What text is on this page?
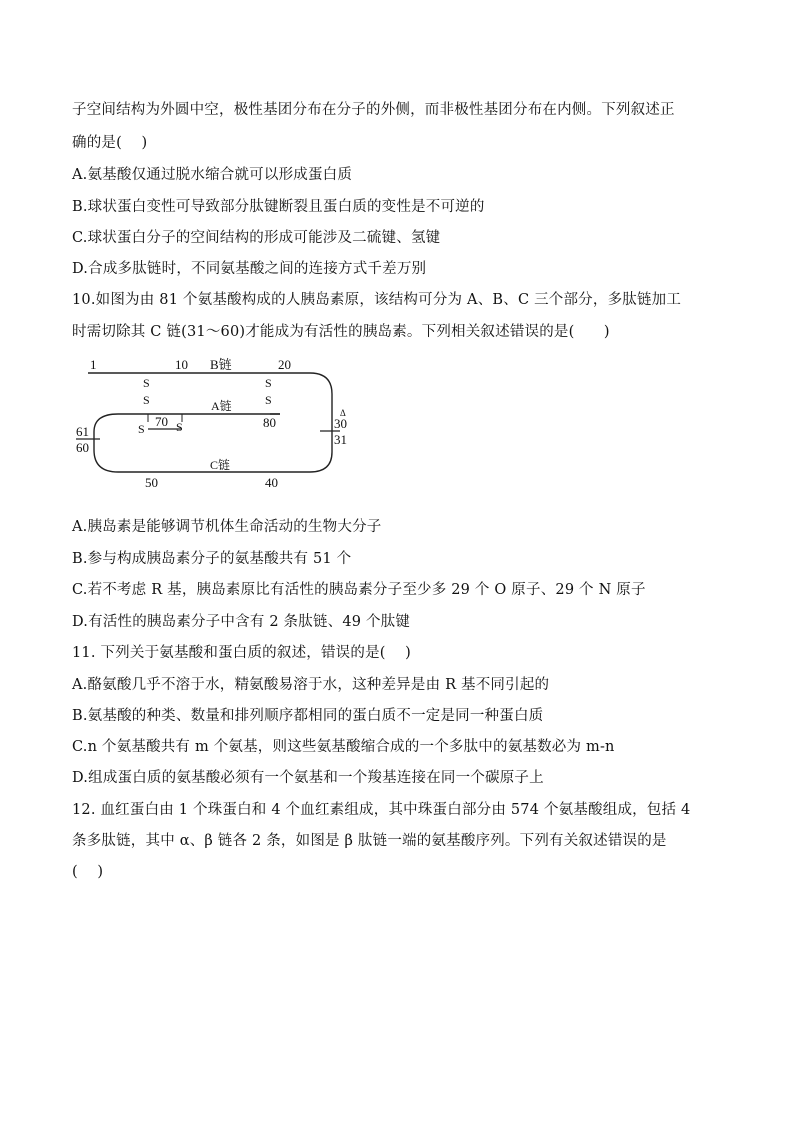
子空间结构为外圆中空，极性基团分布在分子的外侧，而非极性基团分布在内侧。下列叙述正
确的是(　 )
A.氨基酸仅通过脱水缩合就可以形成蛋白质
B.球状蛋白变性可导致部分肽键断裂且蛋白质的变性是不可逆的
C.球状蛋白分子的空间结构的形成可能涉及二硫键、氢键
D.合成多肽链时，不同氨基酸之间的连接方式千差万别
10.如图为由 81 个氨基酸构成的人胰岛素原，该结构可分为 A、B、C 三个部分，多肽链加工
时需切除其 C 链(31～60)才能成为有活性的胰岛素。下列相关叙述错误的是(　　)
1	10 B链	20
S
S
S
S
A链
70
S	S	80
Δ
30
31
61
60
C链
50	40
A.胰岛素是能够调节机体生命活动的生物大分子
B.参与构成胰岛素分子的氨基酸共有 51 个
C.若不考虑 R 基，胰岛素原比有活性的胰岛素分子至少多 29 个 O 原子、29 个 N 原子
D.有活性的胰岛素分子中含有 2 条肽链、49 个肽键
11. 下列关于氨基酸和蛋白质的叙述，错误的是(　 )
A.酪氨酸几乎不溶于水，精氨酸易溶于水，这种差异是由 R 基不同引起的
B.氨基酸的种类、数量和排列顺序都相同的蛋白质不一定是同一种蛋白质
C.n 个氨基酸共有 m 个氨基，则这些氨基酸缩合成的一个多肽中的氨基数必为 m-n
D.组成蛋白质的氨基酸必须有一个氨基和一个羧基连接在同一个碳原子上
12. 血红蛋白由 1 个珠蛋白和 4 个血红素组成，其中珠蛋白部分由 574 个氨基酸组成，包括 4
条多肽链，其中 α、β 链各 2 条，如图是 β 肽链一端的氨基酸序列。下列有关叙述错误的是
(　 )
